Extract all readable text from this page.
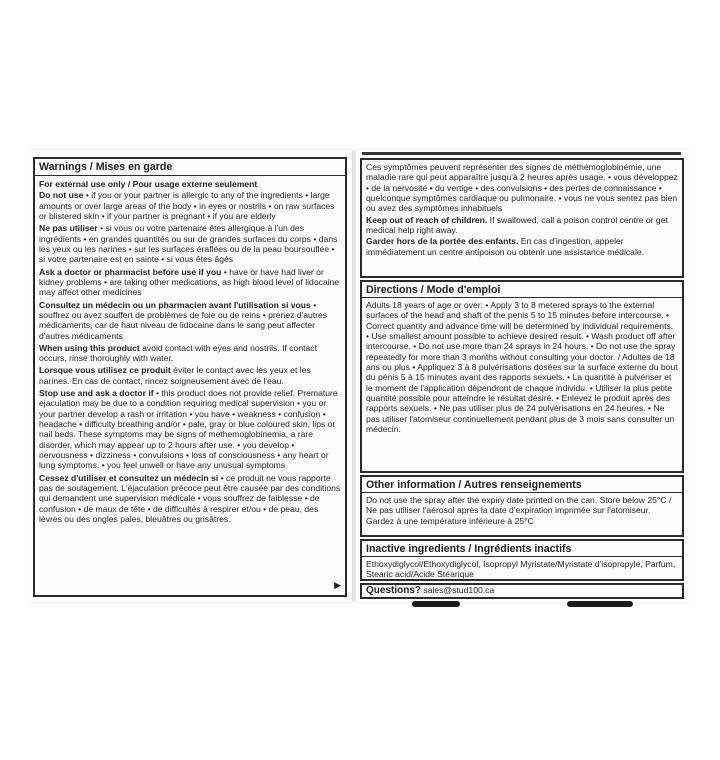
Warnings / Mises en garde
For external use only / Pour usage externe seulement
Do not use • if you or your partner is allergic to any of the ingredients • large amounts or over large areas of the body • in eyes or nostrils • on raw surfaces or blistered skin • if your partner is pregnant • if you are elderly
Ne pas utiliser • si vous ou votre partenaire êtes allergique à l'un des ingrédients • en grandes quantités ou sur de grandes surfaces du corps • dans les yeux ou les narines • sur les surfaces éraflées ou de la peau boursouflée • si votre partenaire est en sainte • si vous êtes âgés
Ask a doctor or pharmacist before use if you • have or have had liver or kidney problems • are taking other medications, as high blood level of lidocaine may affect other medicines
Consultez un médecin ou un pharmacien avant l'utilisation si vous • souffrez ou avez souffert de problèmes de foie ou de reins • prenez d'autres médicaments, car de haut niveau de lidocaine dans le sang peut affecter d'autres médicaments
When using this product avoid contact with eyes and nostrils. If contact occurs, rinse thoroughly with water.
Lorsque vous utilisez ce produit éviter le contact avec les yeux et les narines. En cas de contact, rincez soigneusement avec de l'eau.
Stop use and ask a doctor if • this product does not provide relief. Premature ejaculation may be due to a condition requiring medical supervision • you or your partner develop a rash or irritation • you have • weakness • confusion • headache • difficulty breathing and/or • pale, gray or blue coloured skin, lips or nail beds. These symptoms may be signs of methemoglobinemia, a rare disorder, which may appear up to 2 hours after use. • you develop • nervousness • dizziness • convulsions • loss of consciousness • any heart or lung symptoms. • you feel unwell or have any unusual symptoms
Cessez d'utiliser et consultez un médecin si • ce produit ne vous rapporte pas de soulagement. L'éjaculation précoce peut être causée par des conditions qui demandent une supervision médicale • vous souffrez de faiblesse • de confusion • de maux de tête • de difficultés à respirer et/ou • de peau, des lèvres ou des ongles pales, bleuâtres ou grisâtres.
▶
Ces symptômes peuvent représenter des signes de méthémoglobinémie, une maladie rare qui peut apparaître jusqu'à 2 heures après usage. • vous développez • de la nervosité • du vertige • des convulsions • des pertes de connaissance • quelconque symptômes cardiaque ou pulmonaire. • vous ne vous sentez pas bien ou avez des symptômes inhabituels
Keep out of reach of children. If swallowed, call a poison control centre or get medical help right away.
Garder hors de la portée des enfants. En cas d'ingestion, appeler immédiatement un centre antipoison ou obtenir une assistance médicale.
Directions / Mode d'emploi
Adults 18 years of age or over: • Apply 3 to 8 metered sprays to the external surfaces of the head and shaft of the penis 5 to 15 minutes before intercourse. • Correct quantity and advance time will be determined by individual requirements. • Use smallest amount possible to achieve desired result. • Wash product off after intercourse. • Do not use more than 24 sprays in 24 hours. • Do not use the spray repeatedly for more than 3 months without consulting your doctor. / Adultes de 18 ans ou plus • Appliquez 3 à 8 pulvérisations dosées sur la surface externe du bout du pénis 5 à 15 minutes avant des rapports sexuels. • La quantité à pulvériser et le moment de l'application dépendront de chaque individu. • Utiliser la plus petite quantité possible pour atteindre le résultat désiré. • Enlevez le produit après des rapports sexuels. • Ne pas utiliser plus de 24 pulvérisations en 24 heures. • Ne pas utiliser l'atomiseur continuellement pendant plus de 3 mois sans consulter un médecin.
Other information / Autres renseignements
Do not use the spray after the expiry date printed on the can. Store below 25°C / Ne pas utiliser l'aérosol après la date d'expiration imprimée sur l'atomiseur. Gardez à une température inférieure à 25°C
Inactive ingredients / Ingrédients inactifs
Ethoxydiglycol/Ethoxydiglycol, Isopropyl Myristate/Myristate d'isopropyle, Parfum, Stearic acid/Acide Stéarique
Questions? sales@stud100.ca
